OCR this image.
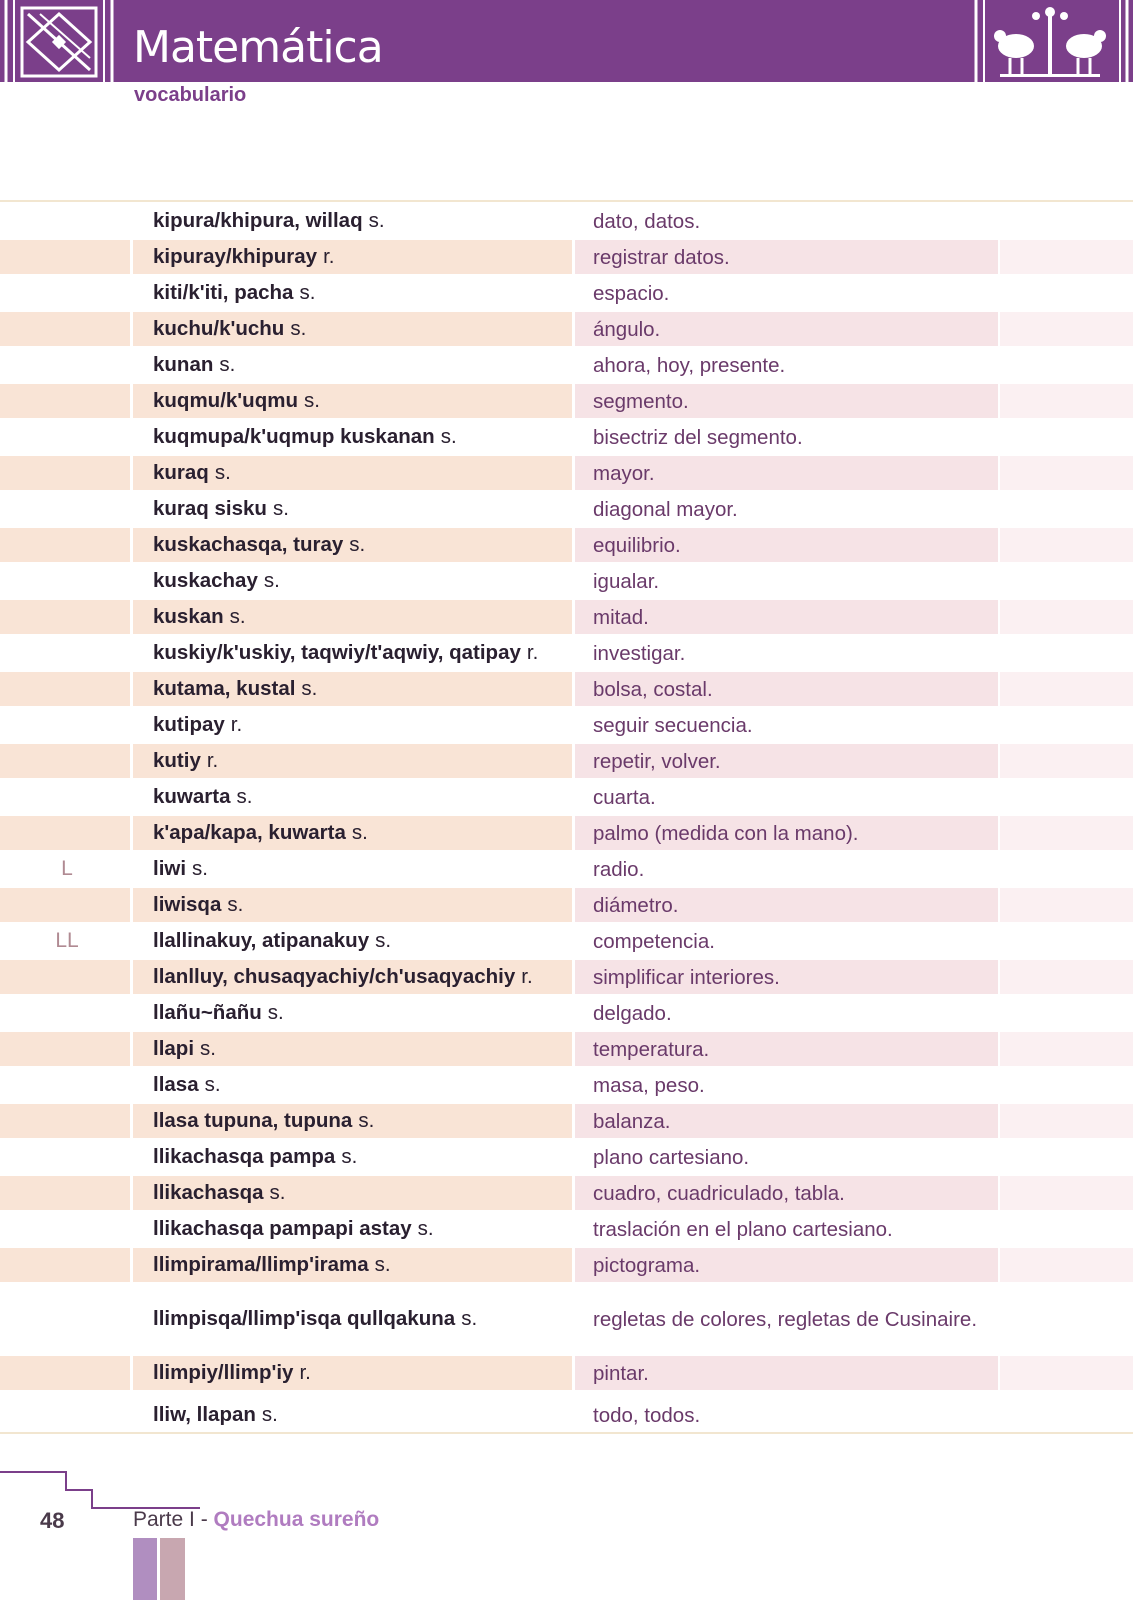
Matemática
vocabulario
kipura/khipura, willaq s.	dato, datos.
kipuray/khipuray r.	registrar datos.
kiti/k'iti, pacha s.	espacio.
kuchu/k'uchu s.	ángulo.
kunan s.	ahora, hoy, presente.
kuqmu/k'uqmu s.	segmento.
kuqmupa/k'uqmup kuskanan s.	bisectriz del segmento.
kuraq s.	mayor.
kuraq sisku s.	diagonal mayor.
kuskachasqa, turay s.	equilibrio.
kuskachay s.	igualar.
kuskan s.	mitad.
kuskiy/k'uskiy, taqwiy/t'aqwiy, qatipay r.	investigar.
kutama, kustal s.	bolsa, costal.
kutipay r.	seguir secuencia.
kutiy r.	repetir, volver.
kuwarta s.	cuarta.
k'apa/kapa, kuwarta s.	palmo (medida con la mano).
L	liwi s.	radio.
liwisqa s.	diámetro.
LL	llallinakuy, atipanakuy s.	competencia.
llanlluy, chusaqyachiy/ch'usaqyachiy r.	simplificar interiores.
llañu~ñañu s.	delgado.
llapi s.	temperatura.
llasa s.	masa, peso.
llasa tupuna, tupuna s.	balanza.
llikachasqa pampa s.	plano cartesiano.
llikachasqa s.	cuadro, cuadriculado, tabla.
llikachasqa pampapi astay s.	traslación en el plano cartesiano.
llimpirama/llimp'irama s.	pictograma.
llimpisqa/llimp'isqa qullqakuna s.	regletas de colores, regletas de Cusinaire.
llimpiy/llimp'iy r.	pintar.
lliw, llapan s.	todo, todos.
48	Parte I - Quechua sureño
